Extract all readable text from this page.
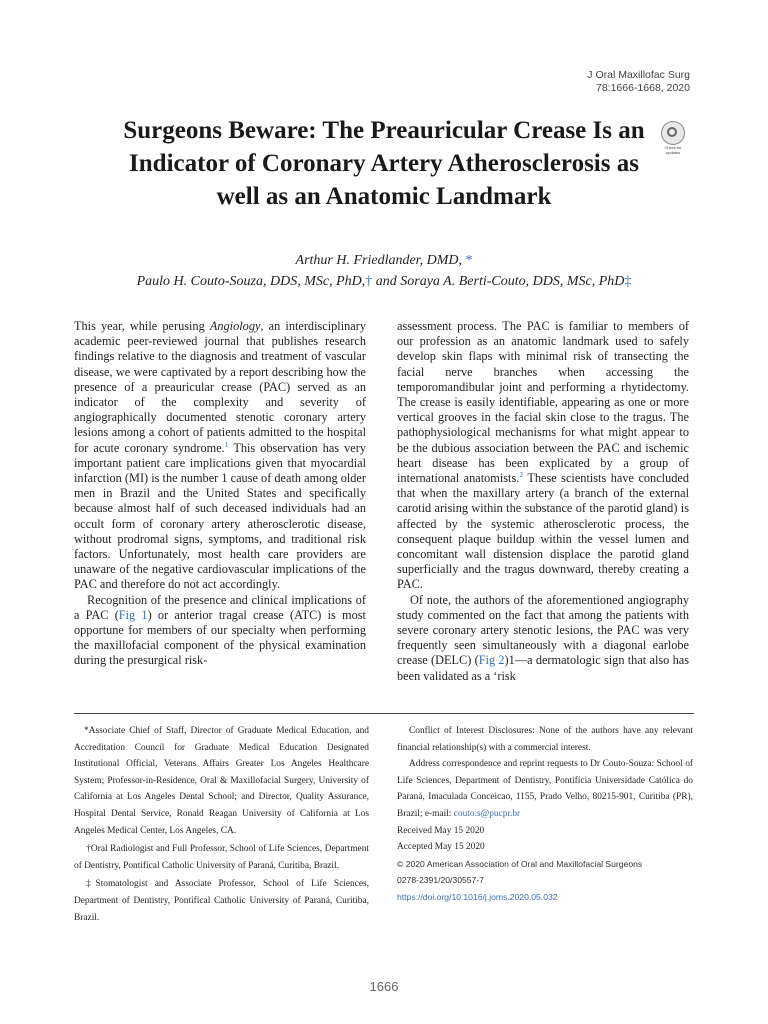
J Oral Maxillofac Surg
78:1666-1668, 2020
Check for updates
Surgeons Beware: The Preauricular Crease Is an Indicator of Coronary Artery Atherosclerosis as well as an Anatomic Landmark
Arthur H. Friedlander, DMD, *
Paulo H. Couto-Souza, DDS, MSc, PhD,† and Soraya A. Berti-Couto, DDS, MSc, PhD‡

This year, while perusing Angiology, an interdisciplinary academic peer-reviewed journal that publishes research findings relative to the diagnosis and treatment of vascular disease, we were captivated by a report describing how the presence of a preauricular crease (PAC) served as an indicator of the complexity and severity of angiographically documented stenotic coronary artery lesions among a cohort of patients admitted to the hospital for acute coronary syndrome.$^1$ This observation has very important patient care implications given that myocardial infarction (MI) is the number 1 cause of death among older men in Brazil and the United States and specifically because almost half of such deceased individuals had an occult form of coronary artery atherosclerotic disease, without prodromal signs, symptoms, and traditional risk factors. Unfortunately, most health care providers are unaware of the negative cardiovascular implications of the PAC and therefore do not act accordingly.

Recognition of the presence and clinical implications of a PAC (Fig 1) or anterior tragal crease (ATC) is most opportune for members of our specialty when performing the maxillofacial component of the physical examination during the presurgical risk-

assessment process. The PAC is familiar to members of our profession as an anatomic landmark used to safely develop skin flaps with minimal risk of transecting the facial nerve branches when accessing the temporomandibular joint and performing a rhytidectomy. The crease is easily identifiable, appearing as one or more vertical grooves in the facial skin close to the tragus. The pathophysiological mechanisms for what might appear to be the dubious association between the PAC and ischemic heart disease has been explicated by a group of international anatomists.$^2$ These scientists have concluded that when the maxillary artery (a branch of the external carotid arising within the substance of the parotid gland) is affected by the systemic atherosclerotic process, the consequent plaque buildup within the vessel lumen and concomitant wall distension displace the parotid gland superficially and the tragus downward, thereby creating a PAC.

Of note, the authors of the aforementioned angiography study commented on the fact that among the patients with severe coronary artery stenotic lesions, the PAC was very frequently seen simultaneously with a diagonal earlobe crease (DELC) (Fig 2)1—a dermatologic sign that also has been validated as a ‘risk

*Associate Chief of Staff, Director of Graduate Medical Education, and Accreditation Council for Graduate Medical Education Designated Institutional Official, Veterans Affairs Greater Los Angeles Healthcare System; Professor-in-Residence, Oral & Maxillofacial Surgery, University of California at Los Angeles Dental School; and Director, Quality Assurance, Hospital Dental Service, Ronald Reagan University of California at Los Angeles Medical Center, Los Angeles, CA.

†Oral Radiologist and Full Professor, School of Life Sciences, Department of Dentistry, Pontifical Catholic University of Paraná, Curitiba, Brazil.

‡Stomatologist and Associate Professor, School of Life Sciences, Department of Dentistry, Pontifical Catholic University of Paraná, Curitiba, Brazil.

Conflict of Interest Disclosures: None of the authors have any relevant financial relationship(s) with a commercial interest.

Address correspondence and reprint requests to Dr Couto-Souza: School of Life Sciences, Department of Dentistry, Pontifícia Universidade Católica do Paraná, Imaculada Conceicao, 1155, Prado Velho, 80215-901, Curitiba (PR), Brazil; e-mail: couto.s@pucpr.br

Received May 15 2020

Accepted May 15 2020

© 2020 American Association of Oral and Maxillofacial Surgeons

0278-2391/20/30557-7

https://doi.org/10.1016/j.joms.2020.05.032

1666
